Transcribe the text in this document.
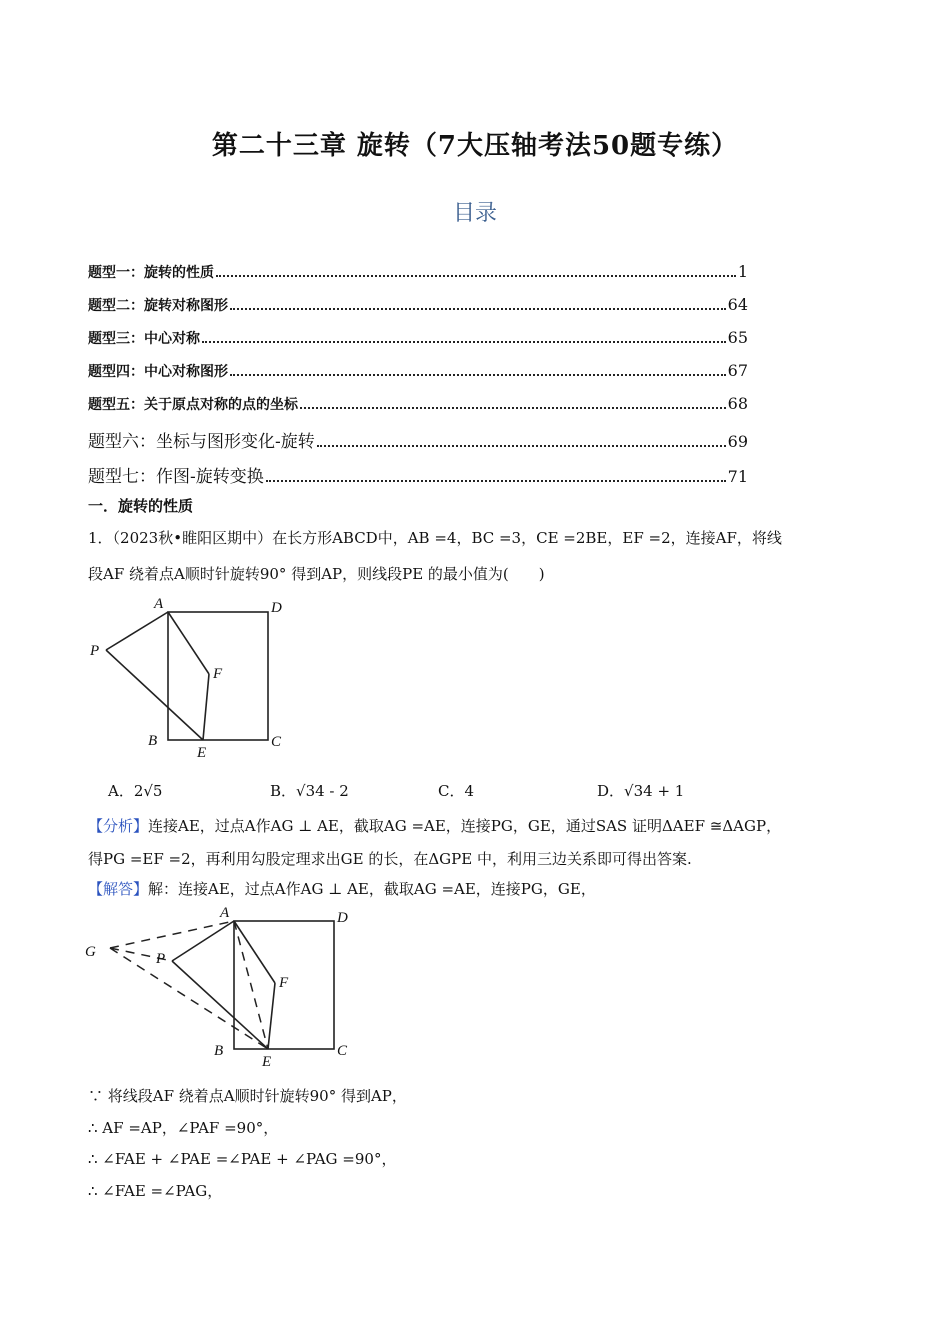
第二十三章 旋转（7大压轴考法50题专练）
目录
题型一：旋转的性质	1
题型二：旋转对称图形	64
题型三：中心对称	65
题型四：中心对称图形	67
题型五：关于原点对称的点的坐标	68
题型六：坐标与图形变化-旋转	69
题型七：作图-旋转变换	71
一．旋转的性质
1．（2023秋•睢阳区期中）在长方形ABCD中，AB =4，BC =3，CE =2BE，EF =2，连接AF，将线
段AF 绕着点A顺时针旋转90° 得到AP，则线段PE 的最小值为(　　)
A	D
P
F
B
E
C
A．2√5	B．√34 - 2	C．4	D．√34 + 1
【分析】连接AE，过点A作AG ⊥ AE，截取AG =AE，连接PG，GE，通过SAS 证明ΔAEF ≅ΔAGP，
得PG =EF =2，再利用勾股定理求出GE 的长，在ΔGPE 中，利用三边关系即可得出答案.
【解答】解：连接AE，过点A作AG ⊥ AE，截取AG =AE，连接PG，GE，
A	D
G	P
F
B
E
C
∵ 将线段AF 绕着点A顺时针旋转90° 得到AP，
∴ AF =AP，∠PAF =90°，
∴ ∠FAE + ∠PAE =∠PAE + ∠PAG =90°，
∴ ∠FAE =∠PAG，
